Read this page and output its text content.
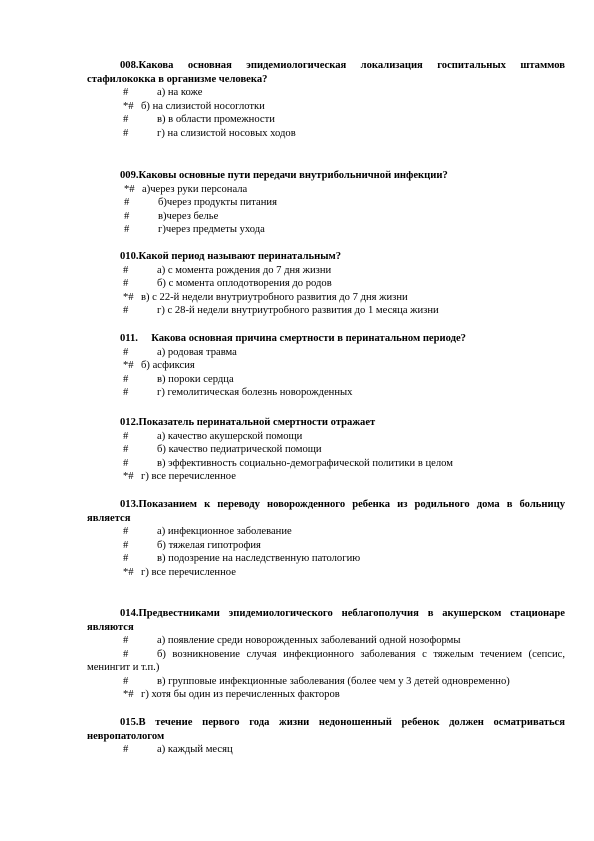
008.Какова основная эпидемиологическая локализация госпитальных штаммов стафилококка в организме человека?

#	а) на коже

*# б) на слизистой носоглотки

#	в) в области промежности

#	г) на слизистой носовых ходов

009.Каковы основные пути передачи внутрибольничной инфекции?

*# а)через руки персонала

#	б)через продукты питания

#	в)через белье

#	г)через предметы ухода

010.Какой период называют перинатальным?

#	а) с момента рождения до 7 дня жизни

#	б) с момента оплодотворения до родов

*# в) с 22-й недели внутриутробного развития до 7 дня жизни

#	г) с 28-й недели внутриутробного развития до 1 месяца жизни

011.     Какова основная причина смертности в перинатальном периоде?

#	а) родовая травма

*# б) асфиксия

#	в) пороки сердца

#	г) гемолитическая болезнь новорожденных

012.Показатель перинатальной смертности отражает

#	а) качество акушерской помощи

#	б) качество педиатрической помощи

#	в) эффективность социально-демографической политики в целом

*# г) все перечисленное

013.Показанием к переводу новорожденного ребенка из родильного дома в больницу является

#	а) инфекционное заболевание

#	б) тяжелая гипотрофия

#	в) подозрение на наследственную патологию

*# г) все перечисленное

014.Предвестниками эпидемиологического неблагополучия в акушерском стационаре являются

#	а) появление среди новорожденных заболеваний одной нозоформы

#	б) возникновение случая инфекционного заболевания с тяжелым течением (сепсис, менингит и т.п.)

#	в) групповые инфекционные заболевания (более чем у 3 детей одновременно)

*# г) хотя бы один из перечисленных факторов

015.В течение первого года жизни недоношенный ребенок должен осматриваться невропатологом

#	а) каждый месяц
